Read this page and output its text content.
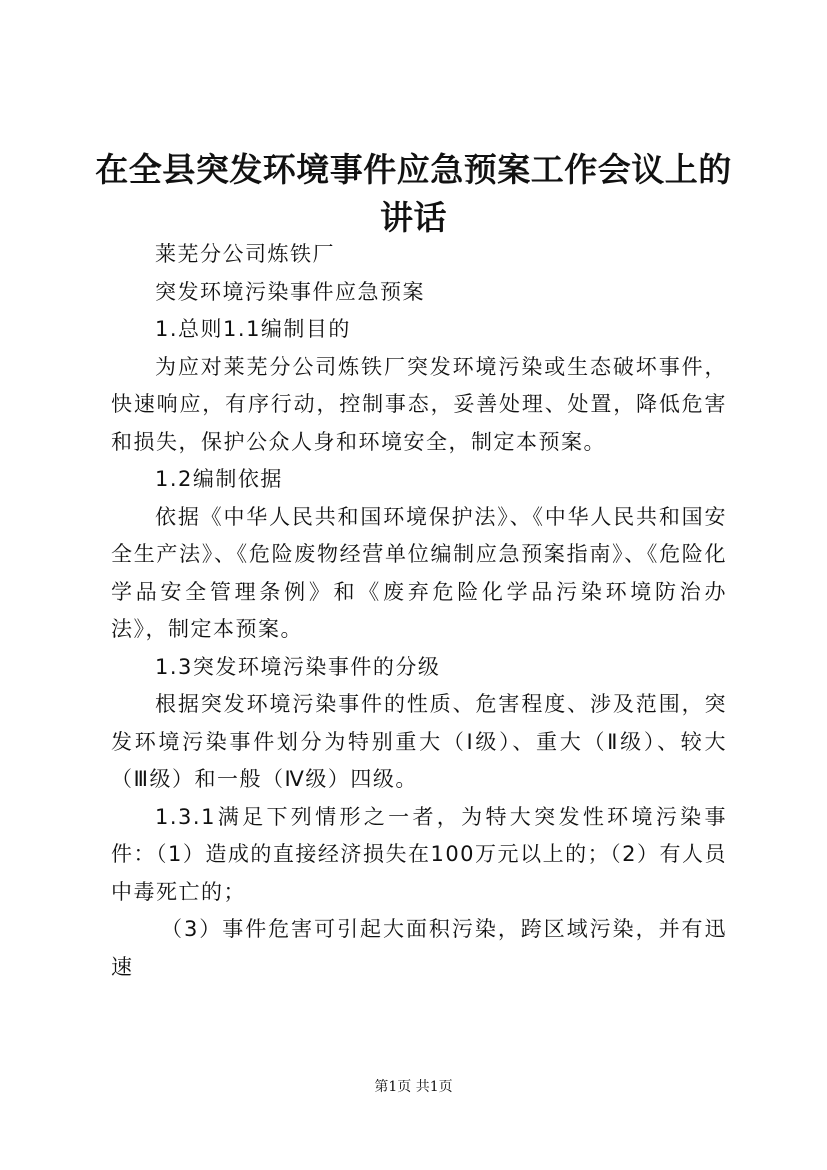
在全县突发环境事件应急预案工作会议上的讲话

莱芜分公司炼铁厂

突发环境污染事件应急预案

1.总则1.1编制目的

为应对莱芜分公司炼铁厂突发环境污染或生态破坏事件，快速响应，有序行动，控制事态，妥善处理、处置，降低危害和损失，保护公众人身和环境安全，制定本预案。

1.2编制依据

依据《中华人民共和国环境保护法》、《中华人民共和国安全生产法》、《危险废物经营单位编制应急预案指南》、《危险化学品安全管理条例》和《废弃危险化学品污染环境防治办法》，制定本预案。

1.3突发环境污染事件的分级

根据突发环境污染事件的性质、危害程度、涉及范围，突发环境污染事件划分为特别重大（Ⅰ级）、重大（Ⅱ级）、较大（Ⅲ级）和一般（Ⅳ级）四级。

1.3.1满足下列情形之一者，为特大突发性环境污染事件：（1）造成的直接经济损失在100万元以上的；（2）有人员中毒死亡的；

（3）事件危害可引起大面积污染，跨区域污染，并有迅速

第1页 共1页
